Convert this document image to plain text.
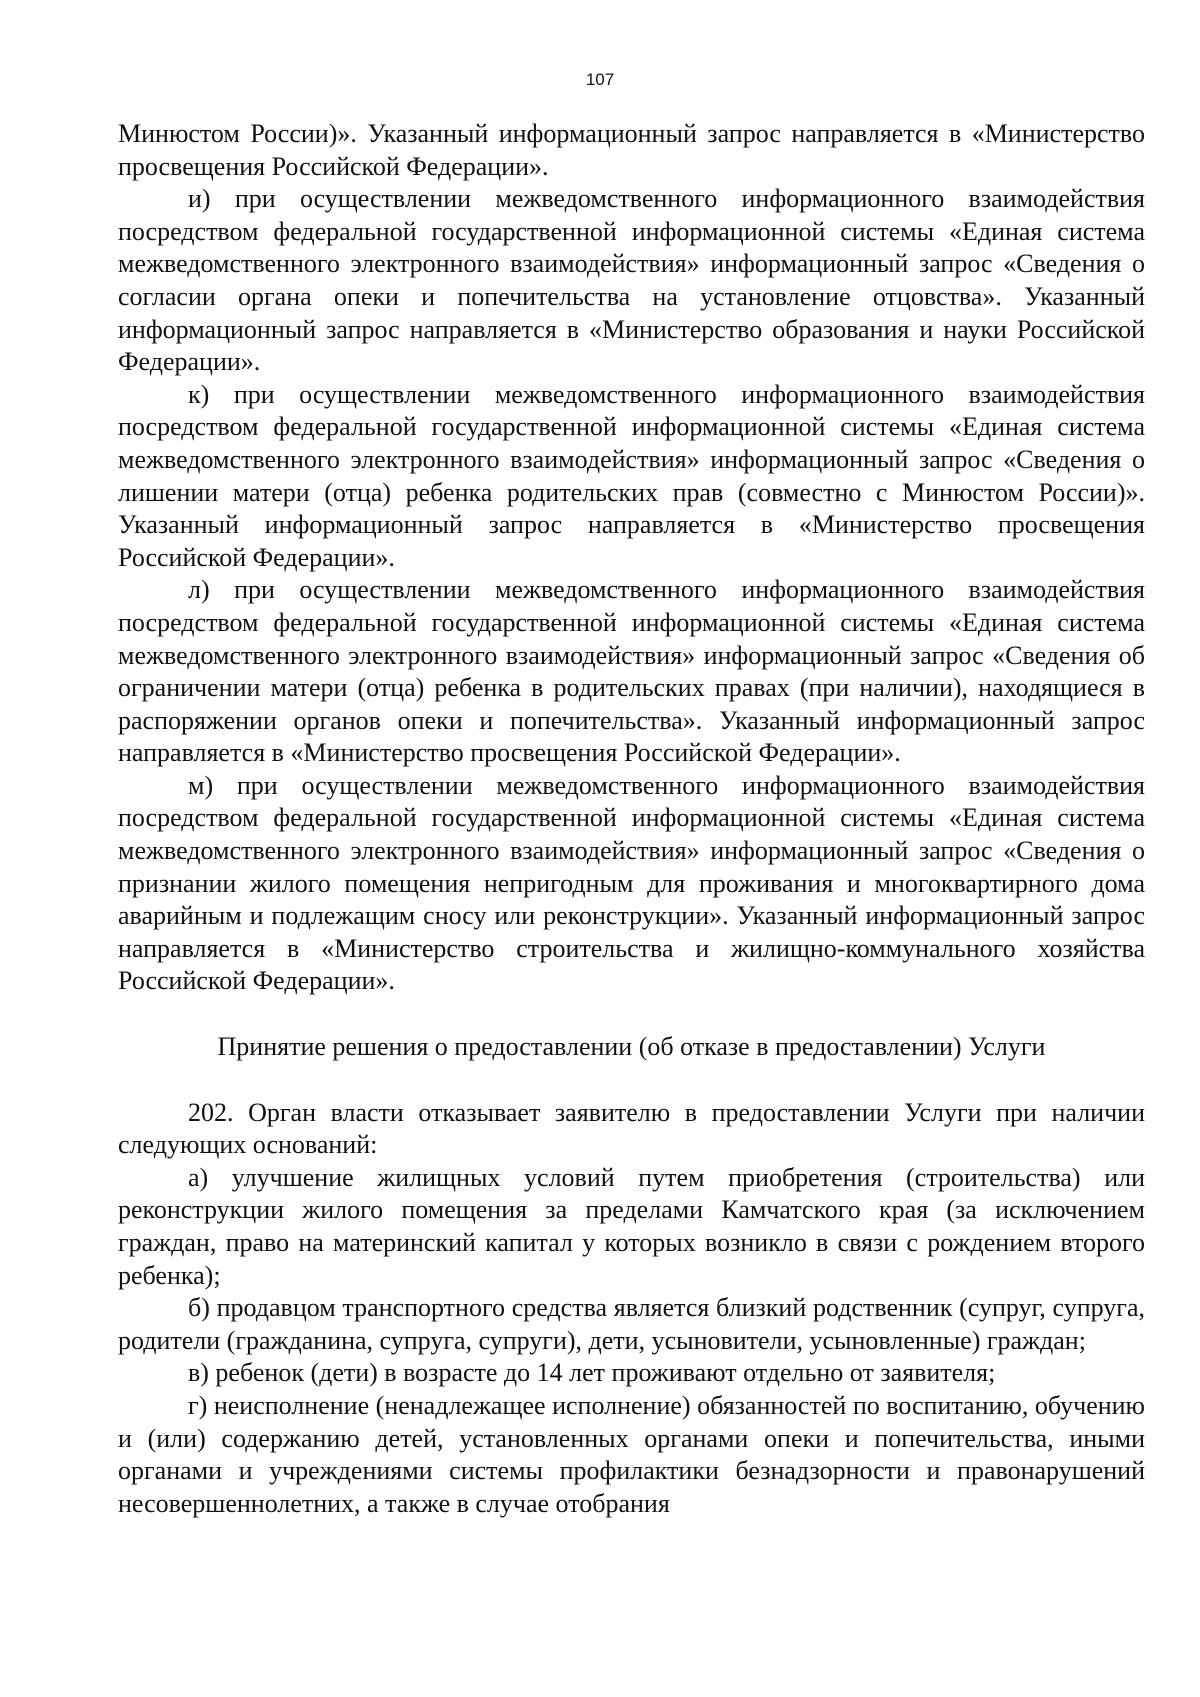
107

Минюстом России)». Указанный информационный запрос направляется в «Министерство просвещения Российской Федерации».

и) при осуществлении межведомственного информационного взаимодействия посредством федеральной государственной информационной системы «Единая система межведомственного электронного взаимодействия» информационный запрос «Сведения о согласии органа опеки и попечительства на установление отцовства». Указанный информационный запрос направляется в «Министерство образования и науки Российской Федерации».

к) при осуществлении межведомственного информационного взаимодействия посредством федеральной государственной информационной системы «Единая система межведомственного электронного взаимодействия» информационный запрос «Сведения о лишении матери (отца) ребенка родительских прав (совместно с Минюстом России)». Указанный информационный запрос направляется в «Министерство просвещения Российской Федерации».

л) при осуществлении межведомственного информационного взаимодействия посредством федеральной государственной информационной системы «Единая система межведомственного электронного взаимодействия» информационный запрос «Сведения об ограничении матери (отца) ребенка в родительских правах (при наличии), находящиеся в распоряжении органов опеки и попечительства». Указанный информационный запрос направляется в «Министерство просвещения Российской Федерации».

м) при осуществлении межведомственного информационного взаимодействия посредством федеральной государственной информационной системы «Единая система межведомственного электронного взаимодействия» информационный запрос «Сведения о признании жилого помещения непригодным для проживания и многоквартирного дома аварийным и подлежащим сносу или реконструкции». Указанный информационный запрос направляется в «Министерство строительства и жилищно-коммунального хозяйства Российской Федерации».

Принятие решения о предоставлении (об отказе в предоставлении) Услуги

202. Орган власти отказывает заявителю в предоставлении Услуги при наличии следующих оснований:

а) улучшение жилищных условий путем приобретения (строительства) или реконструкции жилого помещения за пределами Камчатского края (за исключением граждан, право на материнский капитал у которых возникло в связи с рождением второго ребенка);

б) продавцом транспортного средства является близкий родственник (супруг, супруга, родители (гражданина, супруга, супруги), дети, усыновители, усыновленные) граждан;

в) ребенок (дети) в возрасте до 14 лет проживают отдельно от заявителя;

г) неисполнение (ненадлежащее исполнение) обязанностей по воспитанию, обучению и (или) содержанию детей, установленных органами опеки и попечительства, иными органами и учреждениями системы профилактики безнадзорности и правонарушений несовершеннолетних, а также в случае отобрания
